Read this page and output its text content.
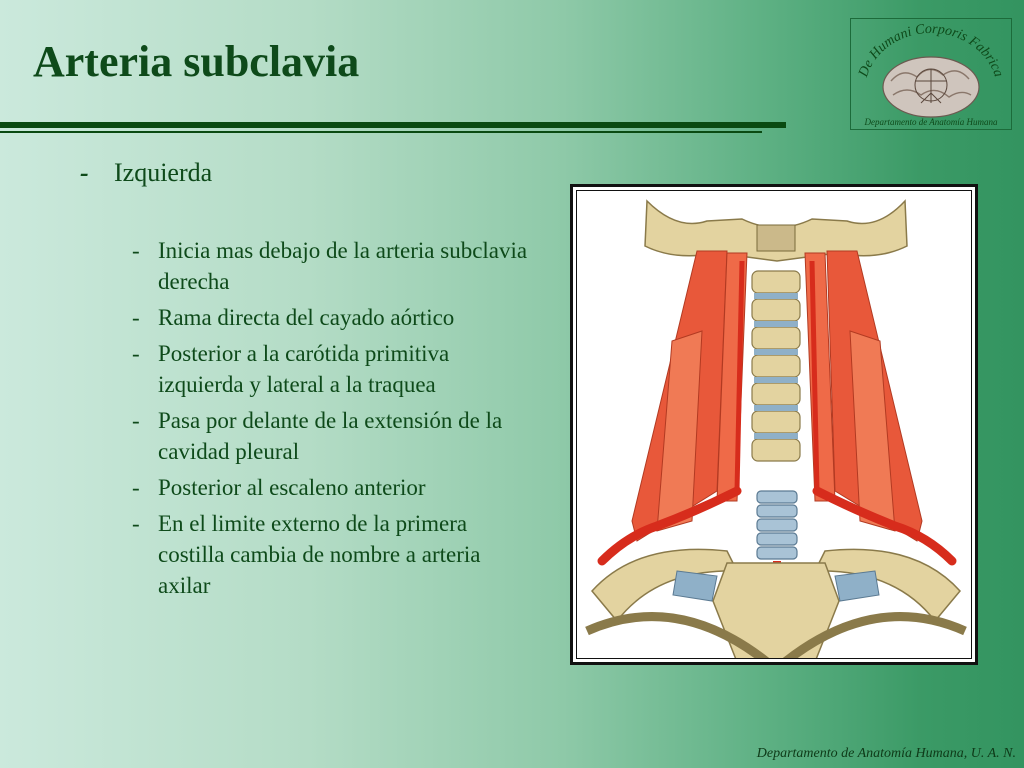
Arteria subclavia	De Humani Corporis Fabrica
Departamento de Anatomía Humana
- Izquierda
- Inicia mas debajo de la arteria subclavia derecha
- Rama directa del cayado aórtico
- Posterior a la carótida primitiva izquierda y lateral a la traquea
- Pasa por delante de la extensión de la cavidad pleural
- Posterior al escaleno anterior
- En el limite externo de la primera costilla cambia de nombre a arteria axilar
Departamento de Anatomía Humana, U. A. N.
